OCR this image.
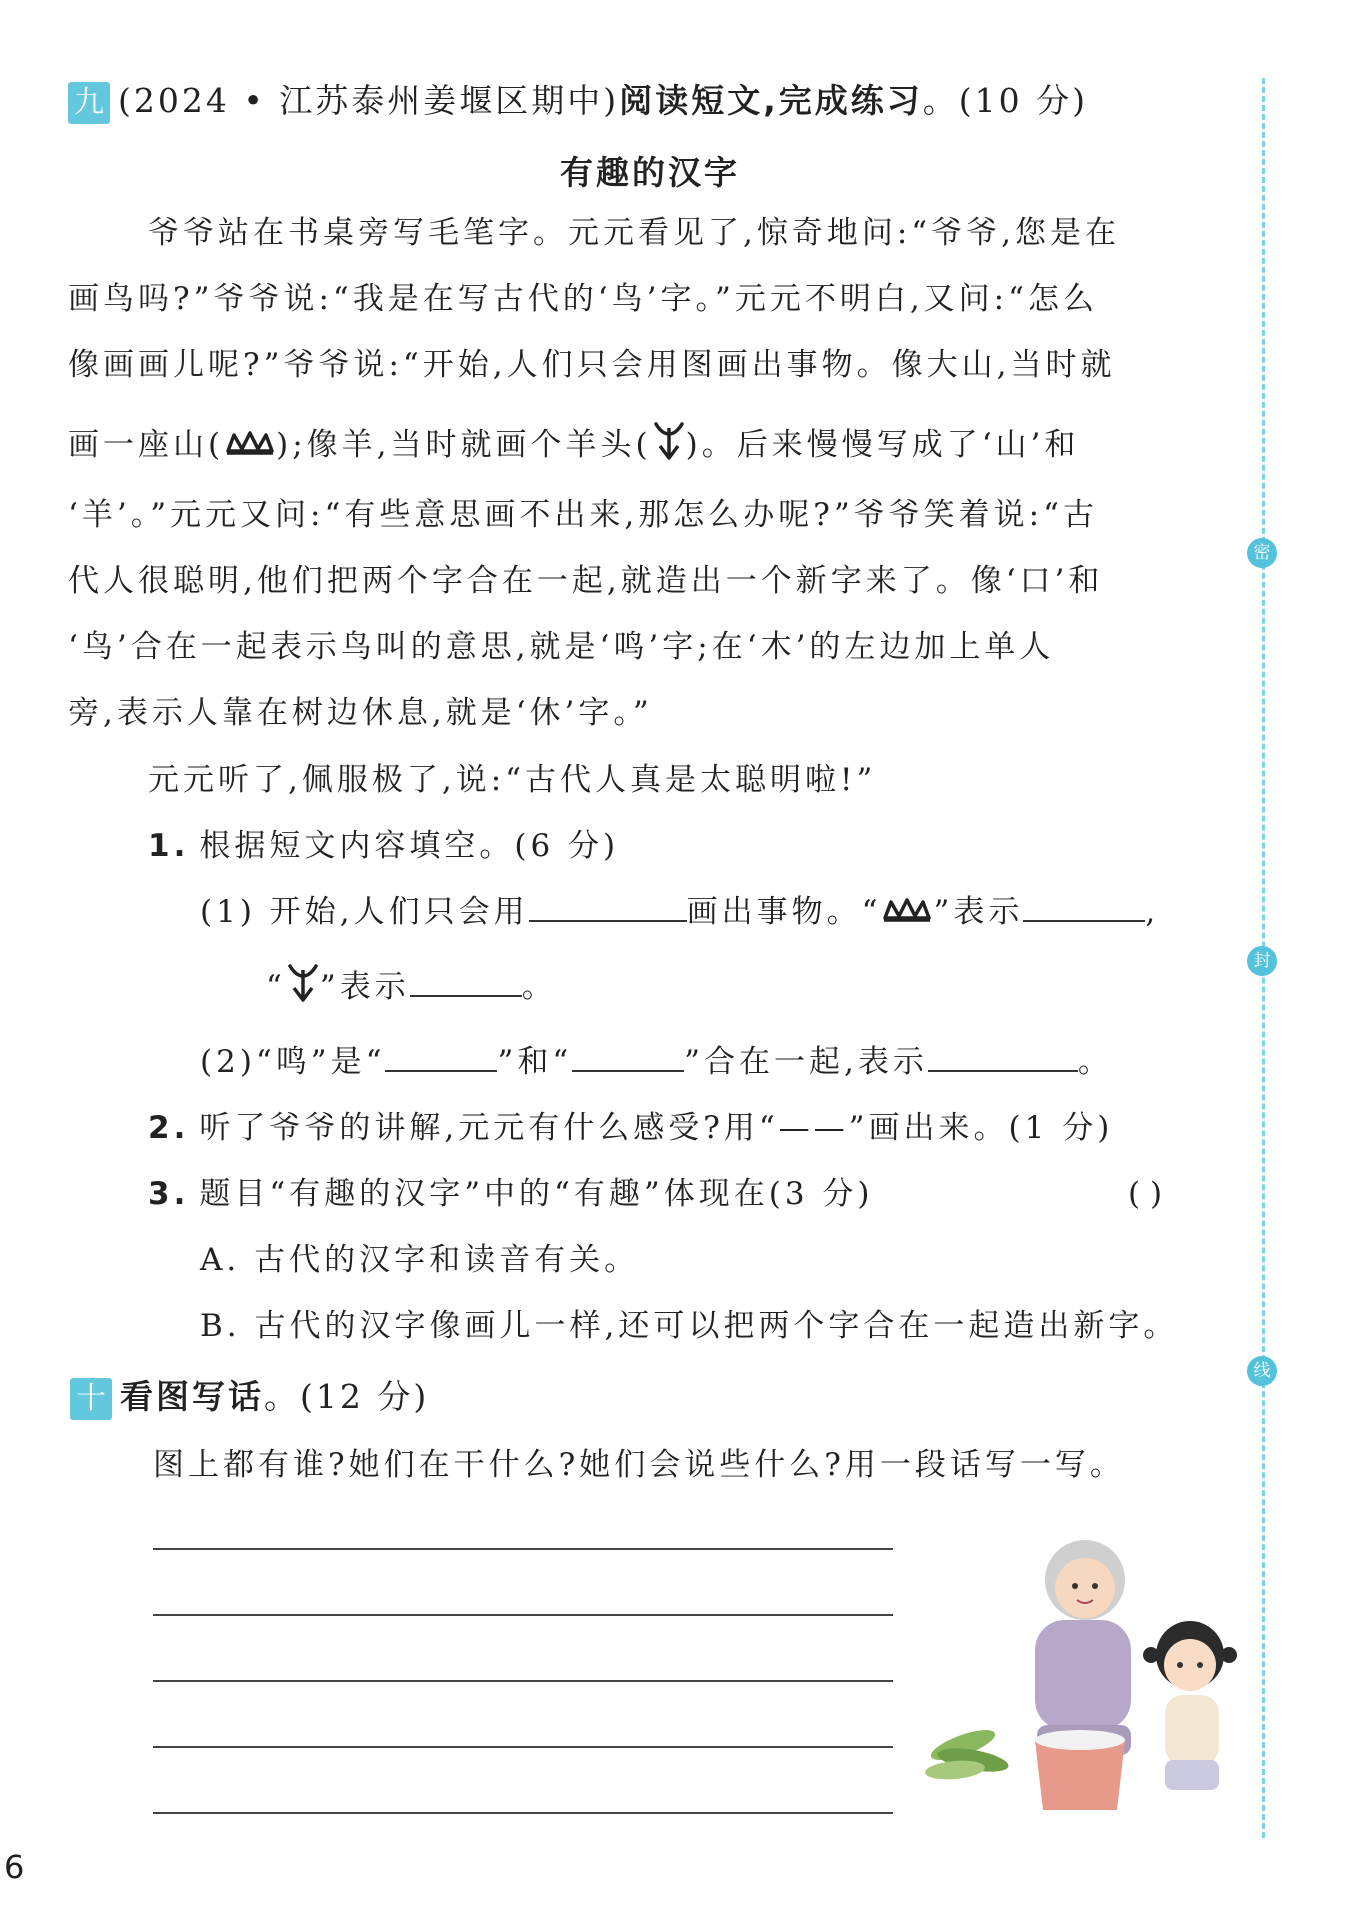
密
封
线
九 (2024 • 江苏泰州姜堰区期中)阅读短文,完成练习。(10 分)
有趣的汉字
爷爷站在书桌旁写毛笔字。元元看见了,惊奇地问:“爷爷,您是在
画鸟吗?”爷爷说:“我是在写古代的‘鸟’字。”元元不明白,又问:“怎么
像画画儿呢?”爷爷说:“开始,人们只会用图画出事物。像大山,当时就
画一座山( );像羊,当时就画个羊头( )。后来慢慢写成了‘山’和
‘羊’。”元元又问:“有些意思画不出来,那怎么办呢?”爷爷笑着说:“古
代人很聪明,他们把两个字合在一起,就造出一个新字来了。像‘口’和
‘鸟’合在一起表示鸟叫的意思,就是‘鸣’字;在‘木’的左边加上单人
旁,表示人靠在树边休息,就是‘休’字。”
元元听了,佩服极了,说:“古代人真是太聪明啦!”
1. 根据短文内容填空。(6 分)
(1) 开始,人们只会用	画出事物。“ ”表示	,
“ ”表示	。
(2)“鸣”是“	”和“	”合在一起,表示	。
2. 听了爷爷的讲解,元元有什么感受?用“——”画出来。(1 分)
3. 题目“有趣的汉字”中的“有趣”体现在(3 分)	( )
A. 古代的汉字和读音有关。
B. 古代的汉字像画儿一样,还可以把两个字合在一起造出新字。
十 看图写话。(12 分)
图上都有谁?她们在干什么?她们会说些什么?用一段话写一写。
6
